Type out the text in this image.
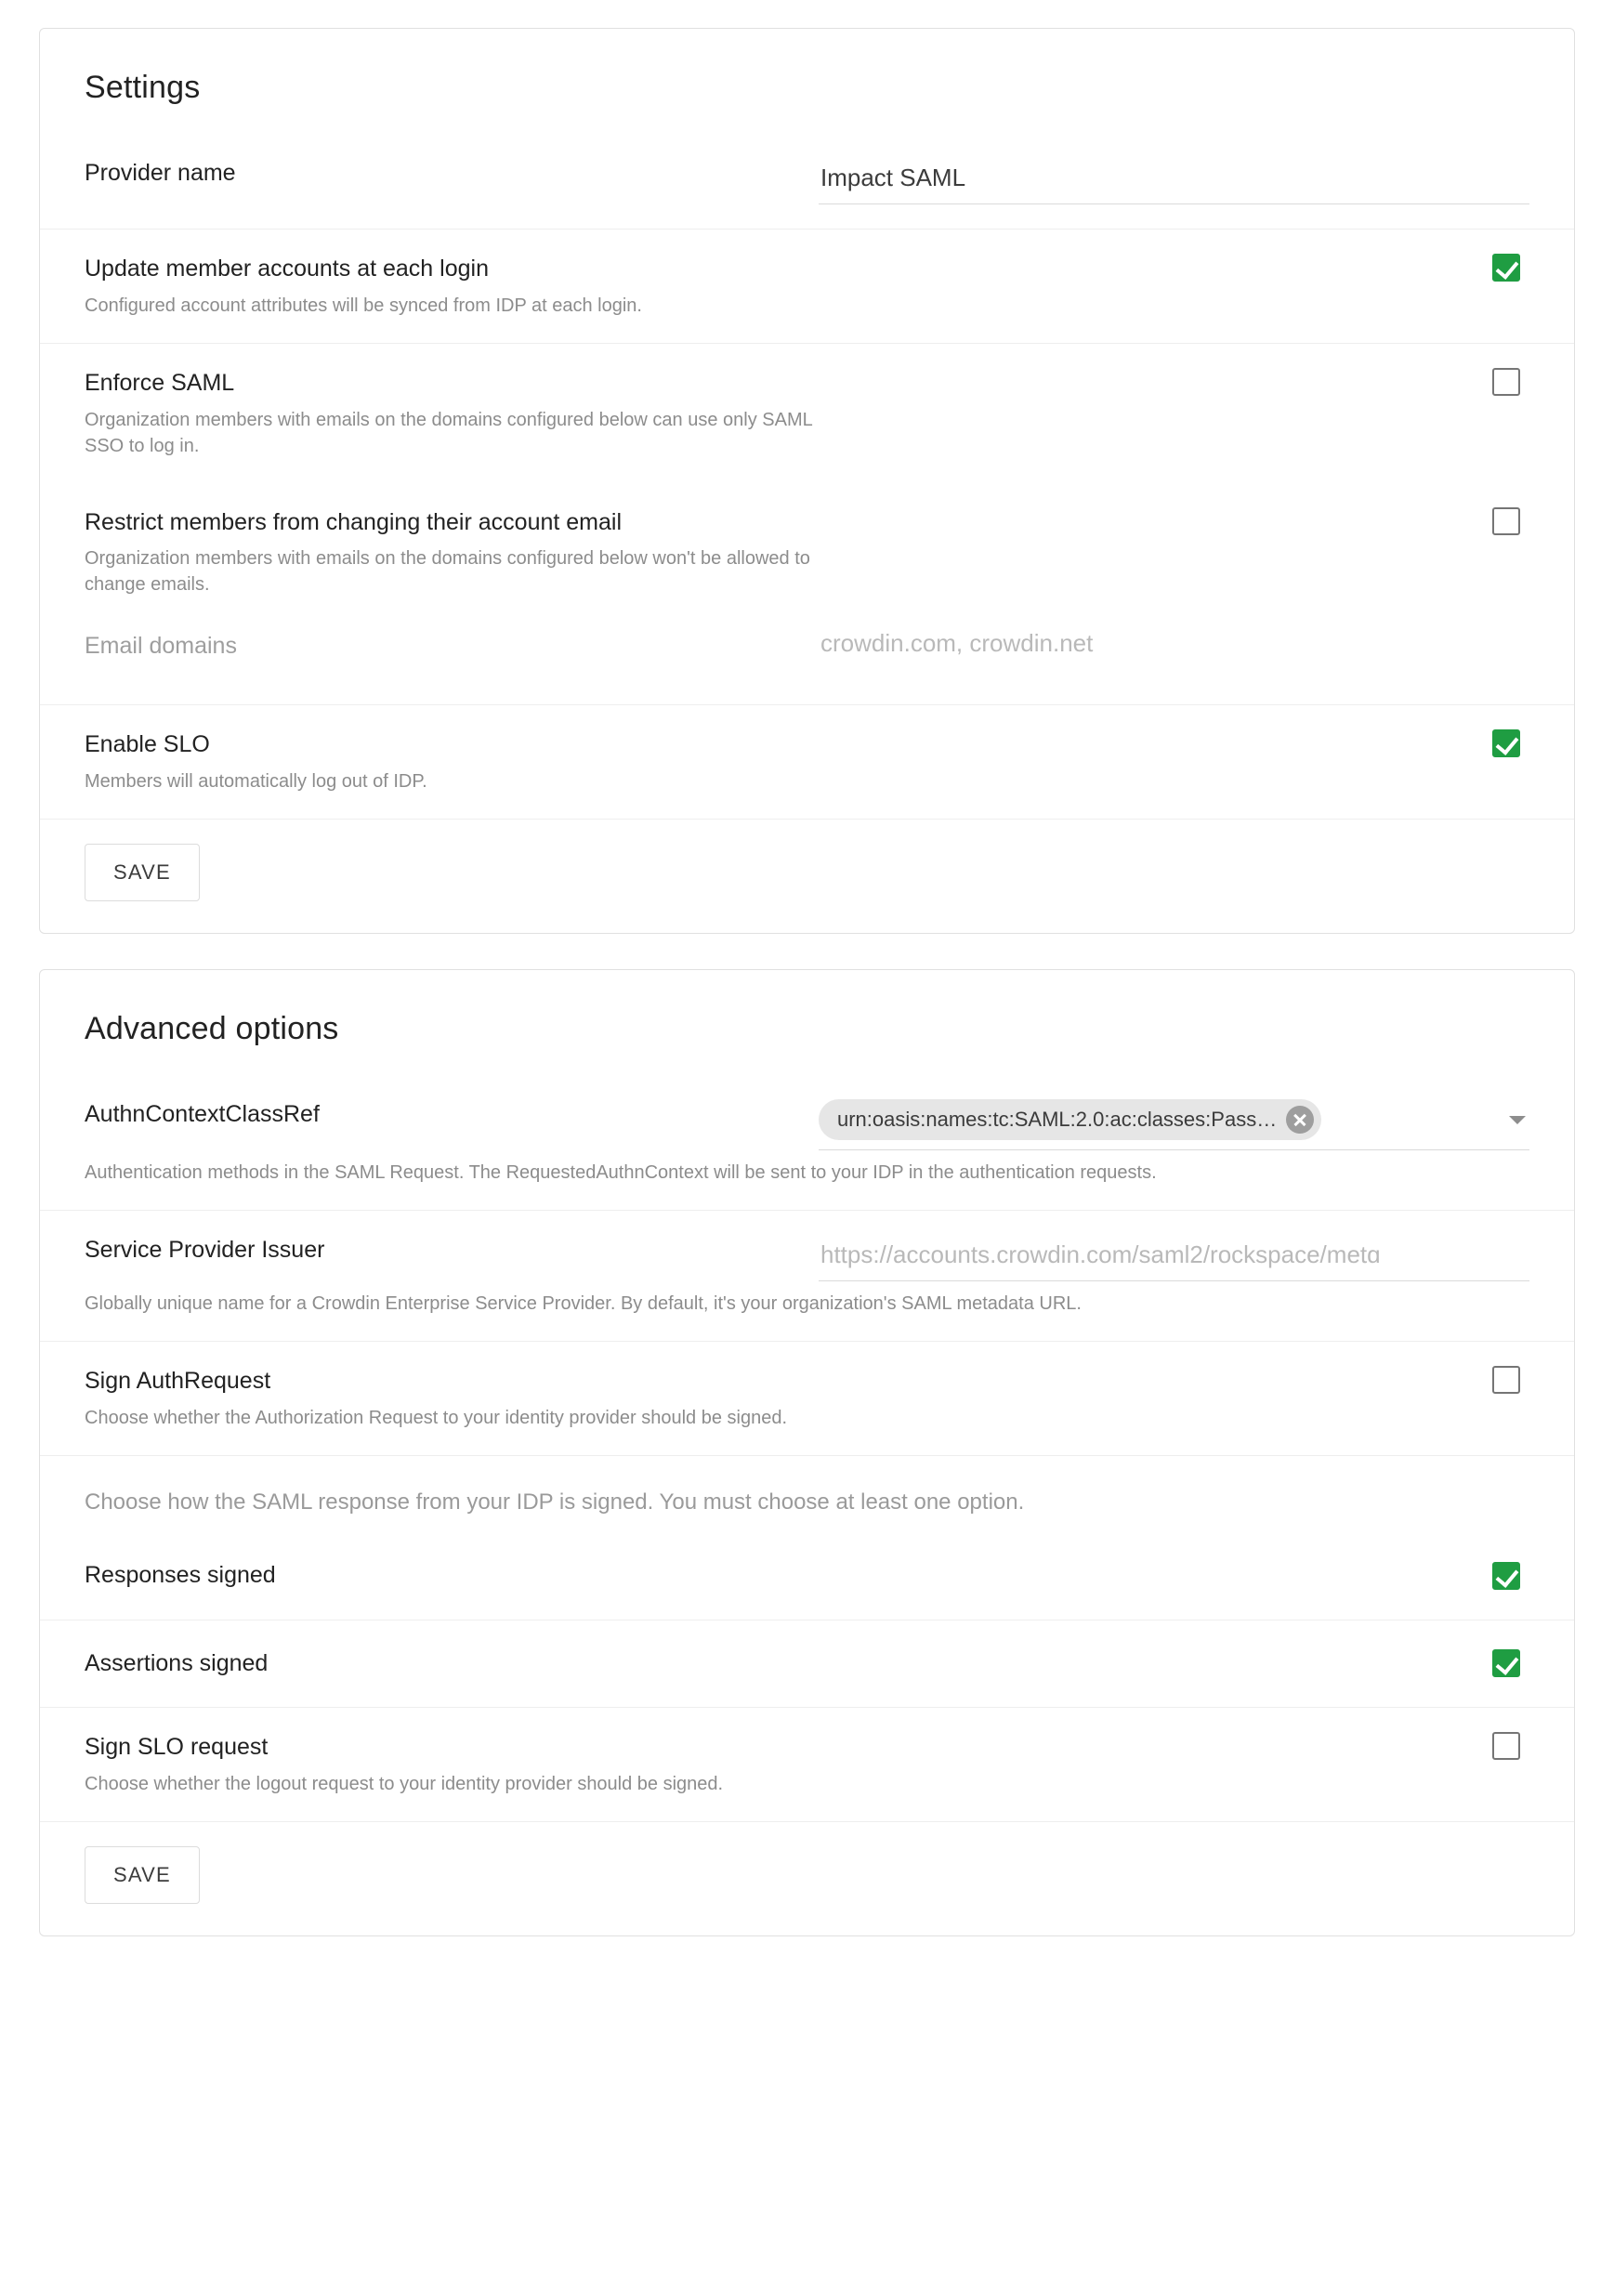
Settings
Provider name
Impact SAML
Update member accounts at each login
Configured account attributes will be synced from IDP at each login.
Enforce SAML
Organization members with emails on the domains configured below can use only SAML SSO to log in.
Restrict members from changing their account email
Organization members with emails on the domains configured below won't be allowed to change emails.
Email domains
crowdin.com, crowdin.net
Enable SLO
Members will automatically log out of IDP.
SAVE
Advanced options
AuthnContextClassRef	urn:oasis:names:tc:SAML:2.0:ac:classes:Pass…
Authentication methods in the SAML Request. The RequestedAuthnContext will be sent to your IDP in the authentication requests.
Service Provider Issuer
https://accounts.crowdin.com/saml2/rockspace/metɑ
Globally unique name for a Crowdin Enterprise Service Provider. By default, it's your organization's SAML metadata URL.
Sign AuthRequest
Choose whether the Authorization Request to your identity provider should be signed.
Choose how the SAML response from your IDP is signed. You must choose at least one option.
Responses signed
Assertions signed
Sign SLO request
Choose whether the logout request to your identity provider should be signed.
SAVE
